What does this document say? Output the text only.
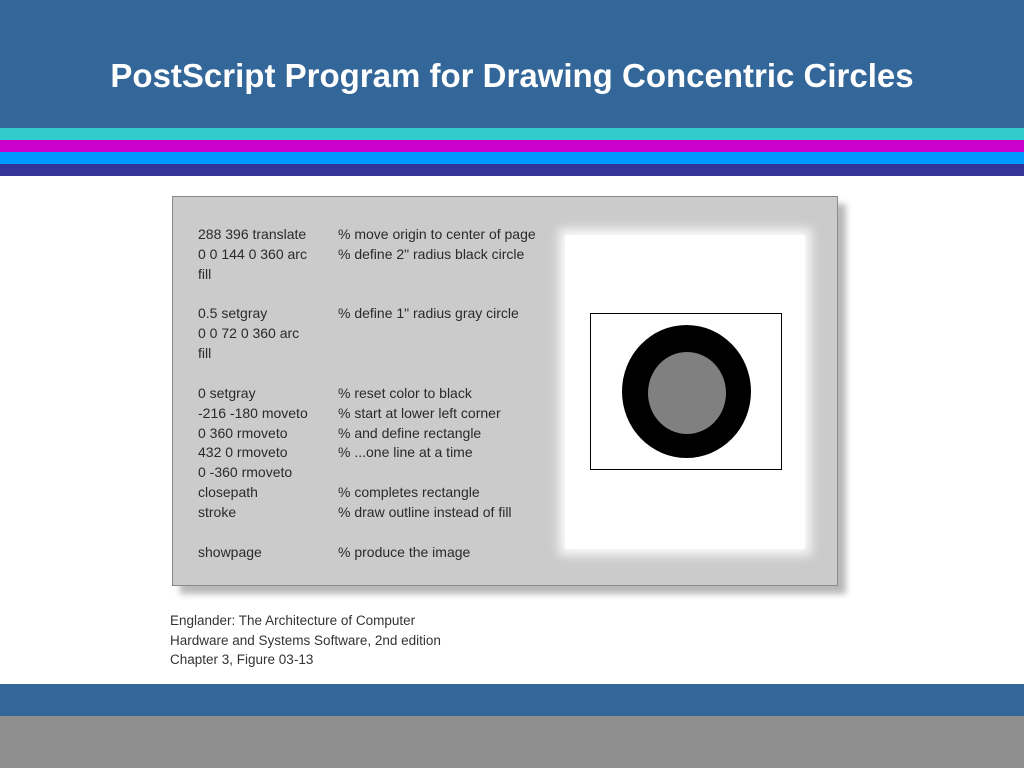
PostScript Program for Drawing Concentric Circles
288 396 translate % move origin to center of page
0 0 144 0 360 arc % define 2" radius black circle
fill
0.5 setgray	% define 1" radius gray circle
0 0 72 0 360 arc
fill
0 setgray	% reset color to black
-216 -180 moveto % start at lower left corner
0 360 rmoveto	% and define rectangle
432 0 rmoveto	% ...one line at a time
0 -360 rmoveto
closepath	% completes rectangle
stroke	% draw outline instead of fill
showpage	% produce the image
Englander: The Architecture of Computer
Hardware and Systems Software, 2nd edition
Chapter 3, Figure 03-13
